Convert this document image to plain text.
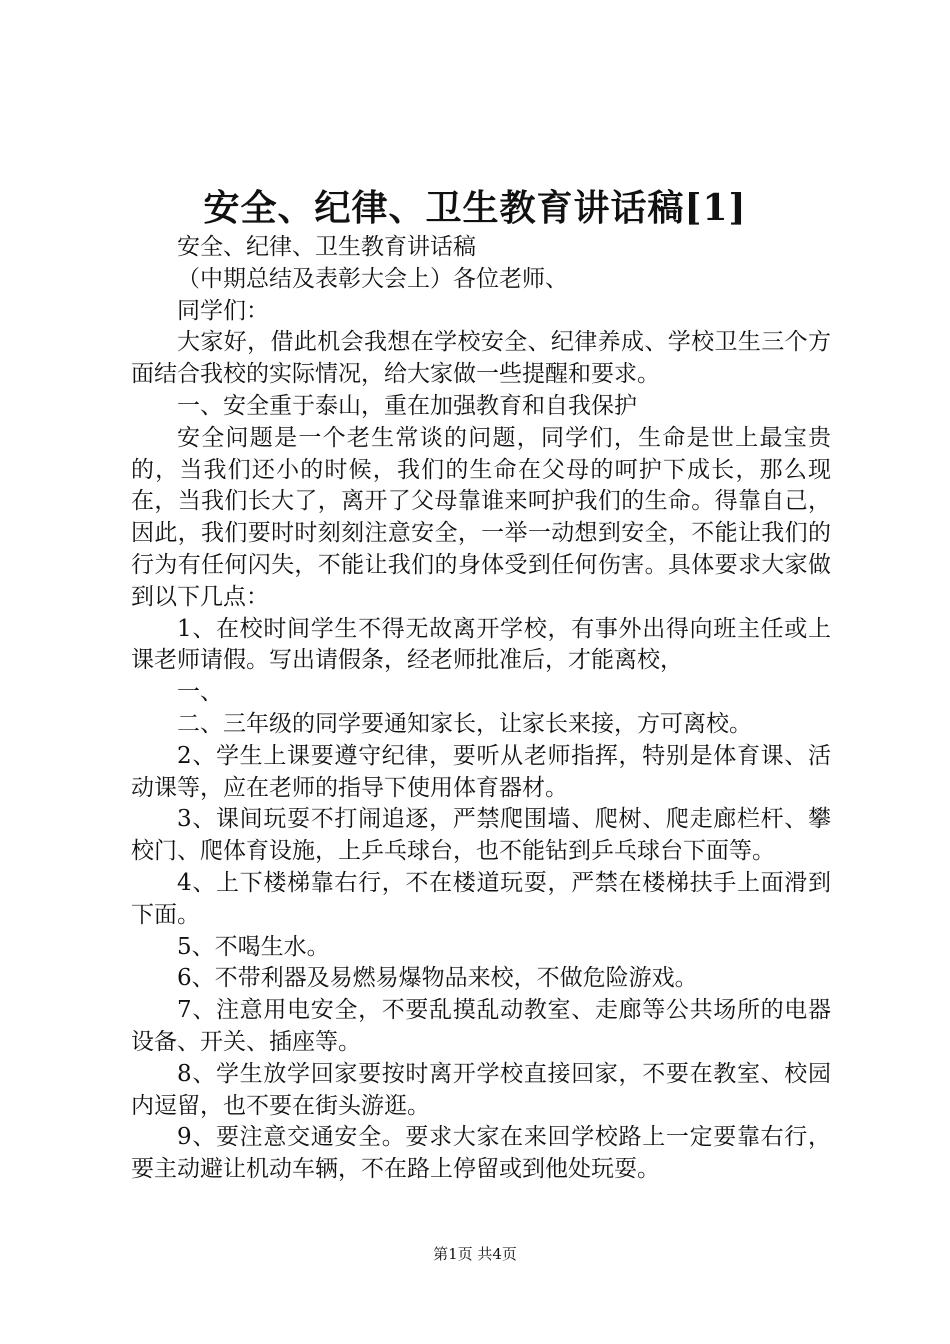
安全、纪律、卫生教育讲话稿[1]

安全、纪律、卫生教育讲话稿

（中期总结及表彰大会上）各位老师、

同学们：

大家好，借此机会我想在学校安全、纪律养成、学校卫生三个方面结合我校的实际情况，给大家做一些提醒和要求。

一、安全重于泰山，重在加强教育和自我保护

安全问题是一个老生常谈的问题，同学们，生命是世上最宝贵的，当我们还小的时候，我们的生命在父母的呵护下成长，那么现在，当我们长大了，离开了父母靠谁来呵护我们的生命。得靠自己，因此，我们要时时刻刻注意安全，一举一动想到安全，不能让我们的行为有任何闪失，不能让我们的身体受到任何伤害。具体要求大家做到以下几点：

1、在校时间学生不得无故离开学校，有事外出得向班主任或上课老师请假。写出请假条，经老师批准后，才能离校，

一、

二、三年级的同学要通知家长，让家长来接，方可离校。

2、学生上课要遵守纪律，要听从老师指挥，特别是体育课、活动课等，应在老师的指导下使用体育器材。

3、课间玩耍不打闹追逐，严禁爬围墙、爬树、爬走廊栏杆、攀校门、爬体育设施，上乒乓球台，也不能钻到乒乓球台下面等。

4、上下楼梯靠右行，不在楼道玩耍，严禁在楼梯扶手上面滑到下面。

5、不喝生水。

6、不带利器及易燃易爆物品来校，不做危险游戏。

7、注意用电安全，不要乱摸乱动教室、走廊等公共场所的电器设备、开关、插座等。

8、学生放学回家要按时离开学校直接回家，不要在教室、校园内逗留，也不要在街头游逛。

9、要注意交通安全。要求大家在来回学校路上一定要靠右行，要主动避让机动车辆，不在路上停留或到他处玩耍。

第1页 共4页
